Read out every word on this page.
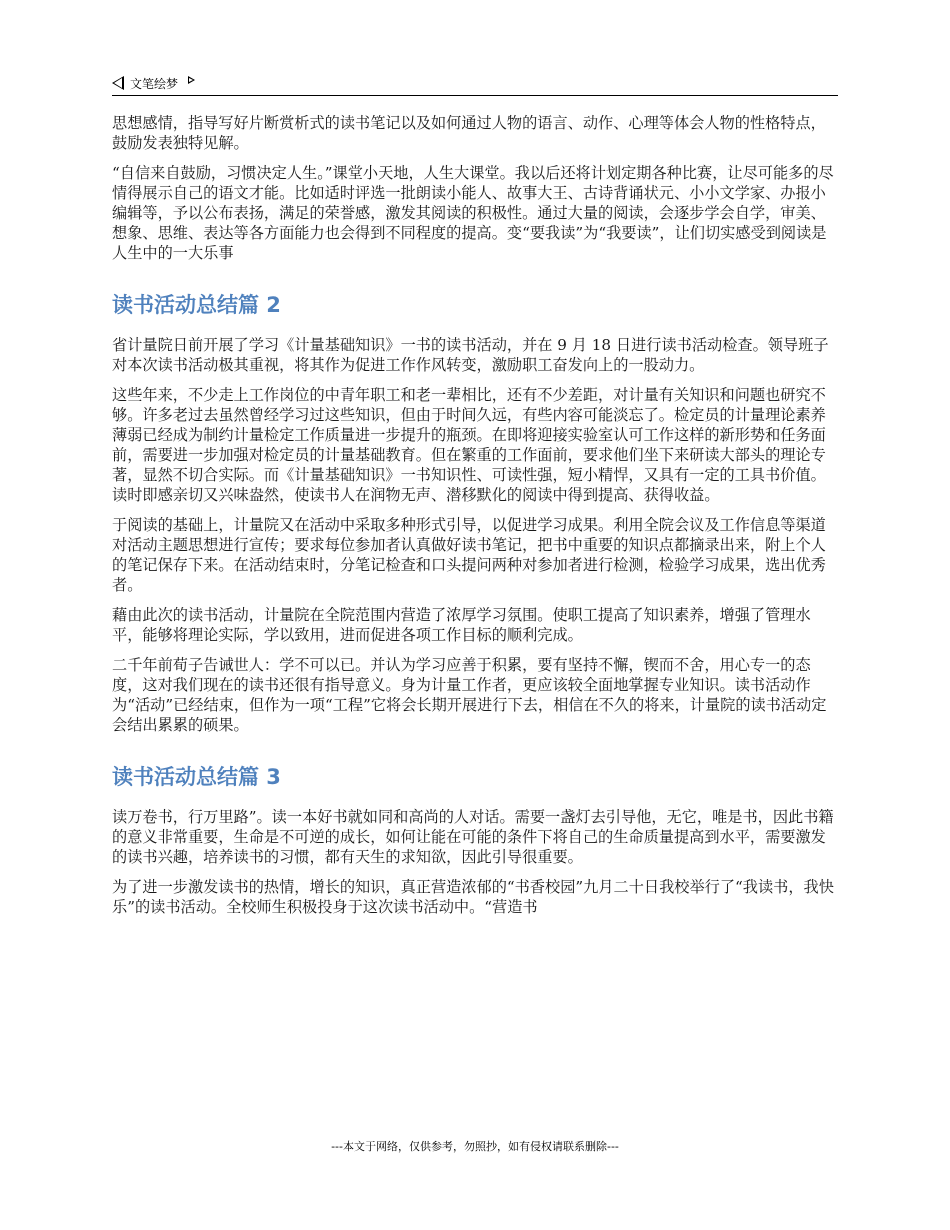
文笔绘梦

思想感情，指导写好片断赏析式的读书笔记以及如何通过人物的语言、动作、心理等体会人物的性格特点，鼓励发表独特见解。

“自信来自鼓励，习惯决定人生。”课堂小天地，人生大课堂。我以后还将计划定期各种比赛，让尽可能多的尽情得展示自己的语文才能。比如适时评选一批朗读小能人、故事大王、古诗背诵状元、小小文学家、办报小编辑等，予以公布表扬，满足的荣誉感，激发其阅读的积极性。通过大量的阅读，会逐步学会自学，审美、想象、思维、表达等各方面能力也会得到不同程度的提高。变“要我读”为“我要读”，让们切实感受到阅读是人生中的一大乐事

读书活动总结篇 2

省计量院日前开展了学习《计量基础知识》一书的读书活动，并在 9 月 18 日进行读书活动检查。领导班子对本次读书活动极其重视，将其作为促进工作作风转变，激励职工奋发向上的一股动力。

这些年来，不少走上工作岗位的中青年职工和老一辈相比，还有不少差距，对计量有关知识和问题也研究不够。许多老过去虽然曾经学习过这些知识，但由于时间久远，有些内容可能淡忘了。检定员的计量理论素养薄弱已经成为制约计量检定工作质量进一步提升的瓶颈。在即将迎接实验室认可工作这样的新形势和任务面前，需要进一步加强对检定员的计量基础教育。但在繁重的工作面前，要求他们坐下来研读大部头的理论专著，显然不切合实际。而《计量基础知识》一书知识性、可读性强，短小精悍，又具有一定的工具书价值。读时即感亲切又兴味盎然，使读书人在润物无声、潜移默化的阅读中得到提高、获得收益。

于阅读的基础上，计量院又在活动中采取多种形式引导，以促进学习成果。利用全院会议及工作信息等渠道对活动主题思想进行宣传；要求每位参加者认真做好读书笔记，把书中重要的知识点都摘录出来，附上个人的笔记保存下来。在活动结束时，分笔记检查和口头提问两种对参加者进行检测，检验学习成果，选出优秀者。

藉由此次的读书活动，计量院在全院范围内营造了浓厚学习氛围。使职工提高了知识素养，增强了管理水平，能够将理论实际，学以致用，进而促进各项工作目标的顺利完成。

二千年前荀子告诫世人：学不可以已。并认为学习应善于积累，要有坚持不懈，锲而不舍，用心专一的态度，这对我们现在的读书还很有指导意义。身为计量工作者，更应该较全面地掌握专业知识。读书活动作为“活动”已经结束，但作为一项“工程”它将会长期开展进行下去，相信在不久的将来，计量院的读书活动定会结出累累的硕果。

读书活动总结篇 3

读万卷书，行万里路”。读一本好书就如同和高尚的人对话。需要一盏灯去引导他，无它，唯是书，因此书籍的意义非常重要，生命是不可逆的成长，如何让能在可能的条件下将自己的生命质量提高到水平，需要激发的读书兴趣，培养读书的习惯，都有天生的求知欲，因此引导很重要。

为了进一步激发读书的热情，增长的知识，真正营造浓郁的“书香校园”九月二十日我校举行了“我读书，我快乐”的读书活动。全校师生积极投身于这次读书活动中。“营造书

---本文于网络，仅供参考，勿照抄，如有侵权请联系删除---
